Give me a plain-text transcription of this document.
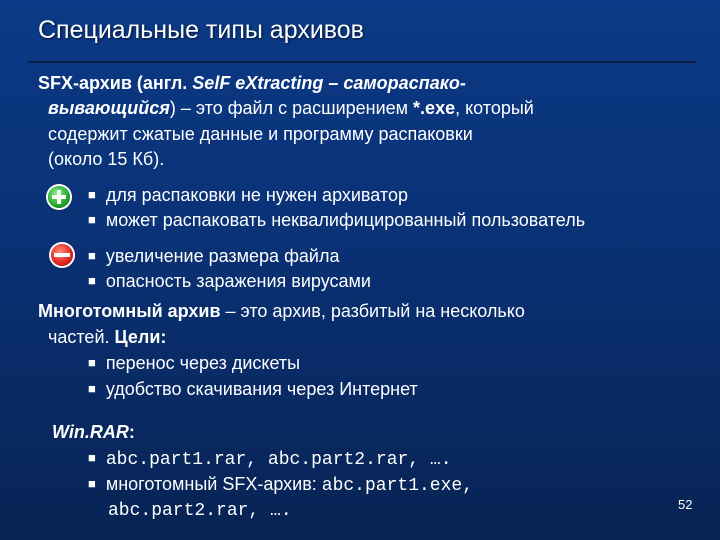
Специальные типы архивов
SFX-архив (англ. SelF eXtracting – самораспако-
вывающийся) – это файл с расширением *.exe, который
содержит сжатые данные и программу распаковки
(около 15 Кб).
■ для распаковки не нужен архиватор
■ может распаковать неквалифицированный пользователь
■ увеличение размера файла
■ опасность заражения вирусами
Многотомный архив – это архив, разбитый на несколько
частей. Цели:
■ перенос через дискеты
■ удобство скачивания через Интернет
Win.RAR:
■ abc.part1.rar, abc.part2.rar, ….
■ многотомный SFX-архив: abc.part1.exe,
abc.part2.rar, ….	52
